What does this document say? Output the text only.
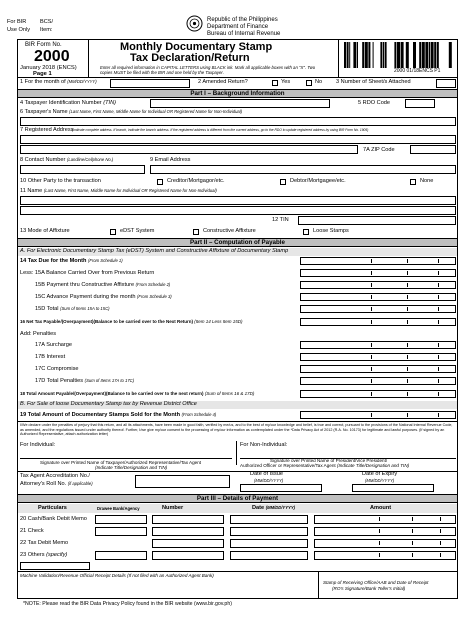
For BIR
Use Only
BCS/
Item:
Republic of the Philippines
Department of Finance
Bureau of Internal Revenue
BIR Form No.
2000
January 2018 (ENCS)
Page 1
Monthly Documentary Stamp
Tax Declaration/Return
Enter all required information in CAPITAL LETTERS using BLACK ink. Mark all applicable boxes with an "X". Two copies MUST be filed with the BIR and one held by the Taxpayer.	2000 01/18ENCS P1
1 For the month of (MM/DD/YYYY)	2 Amended Return?	Yes	No 3 Number of Sheet/s Attached
Part I – Background Information
4 Taxpayer Identification Number (TIN)	5 RDO Code
6 Taxpayer's Name (Last Name, First Name, Middle Name for Individual OR Registered Name for Non-Individual)
7 Registered Address
(Indicate complete address. If branch, indicate the branch address. If the registered address is different from the current address, go to the RDO to update registered address by using BIR Form No. 1905)
7A ZIP Code
8 Contact Number (Landline/Cellphone No.)	9 Email Address
10 Other Party to the transaction	Creditor/Mortgagor/etc.	Debtor/Mortgagee/etc.	None
11 Name (Last Name, First Name, Middle Name for Individual OR Registered Name for Non-Individual)
12 TIN
13 Mode of Affixture	eDST System	Constructive Affixture	Loose Stamps
Part II – Computation of Payable
A. For Electronic Documentary Stamp Tax (eDST) System and Constructive Affixture of Documentary Stamp
14 Tax Due for the Month (From Schedule 1)
Less: 15A Balance Carried Over from Previous Return
15B Payment thru Constructive Affixture (From Schedule 2)
15C Advance Payment during the month (From Schedule 3)
15D Total (Sum of Items 15A to 15C)
16 Net Tax Payable/(Overpayment)(Balance to be carried over to the Next Return) (Item 14 Less Item 15D)
Add: Penalties
17A Surcharge
17B Interest
17C Compromise
17D Total Penalties (Sum of Items 17A to 17C)
18 Total Amount Payable/(Overpayment)(Balance to be carried over to the next return) (Sum of Items 16 & 17D)
B. For Sale of loose Documentary Stamp tax by Revenue District Office
19 Total Amount of Documentary Stamps Sold for the Month (From Schedule 4)
I/We declare under the penalties of perjury that this return, and all its attachments, have been made in good faith, verified by me/us, and to the best of my/our knowledge and belief, is true and correct, pursuant to the provisions of the National Internal Revenue Code, as amended, and the regulations issued under authority thereof. Further, I/we give my/our consent to the processing of my/our information as contemplated under the *Data Privacy Act of 2012 (R.A. No. 10173) for legitimate and lawful purposes. (If signed by an Authorized Representative, attach authorization letter)
For Individual:	For Non-Individual:
Signature over Printed Name of Taxpayer/Authorized Representative/Tax Agent
(Indicate Title/Designation and TIN)
Signature over Printed Name of President/Vice President/
Authorized Officer or Representative/Tax Agent (Indicate Title/Designation and TIN)
Tax Agent Accreditation No./
Attorney's Roll No. (if applicable)
Date of Issue
(MM/DD/YYYY)
Date of Expiry
(MM/DD/YYYY)
Part III – Details of Payment
Particulars	Drawee Bank/Agency	Number	Date (MM/DD/YYYY)	Amount
20 Cash/Bank Debit Memo
21 Check
22 Tax Debit Memo
23 Others (specify)
Machine Validation/Revenue Official Receipt Details (If not filed with an Authorized Agent Bank)
Stamp of Receiving Office/AAB and Date of Receipt
(RO's Signature/Bank Teller's Initial)
*NOTE: Please read the BIR Data Privacy Policy found in the BIR website (www.bir.gov.ph)
